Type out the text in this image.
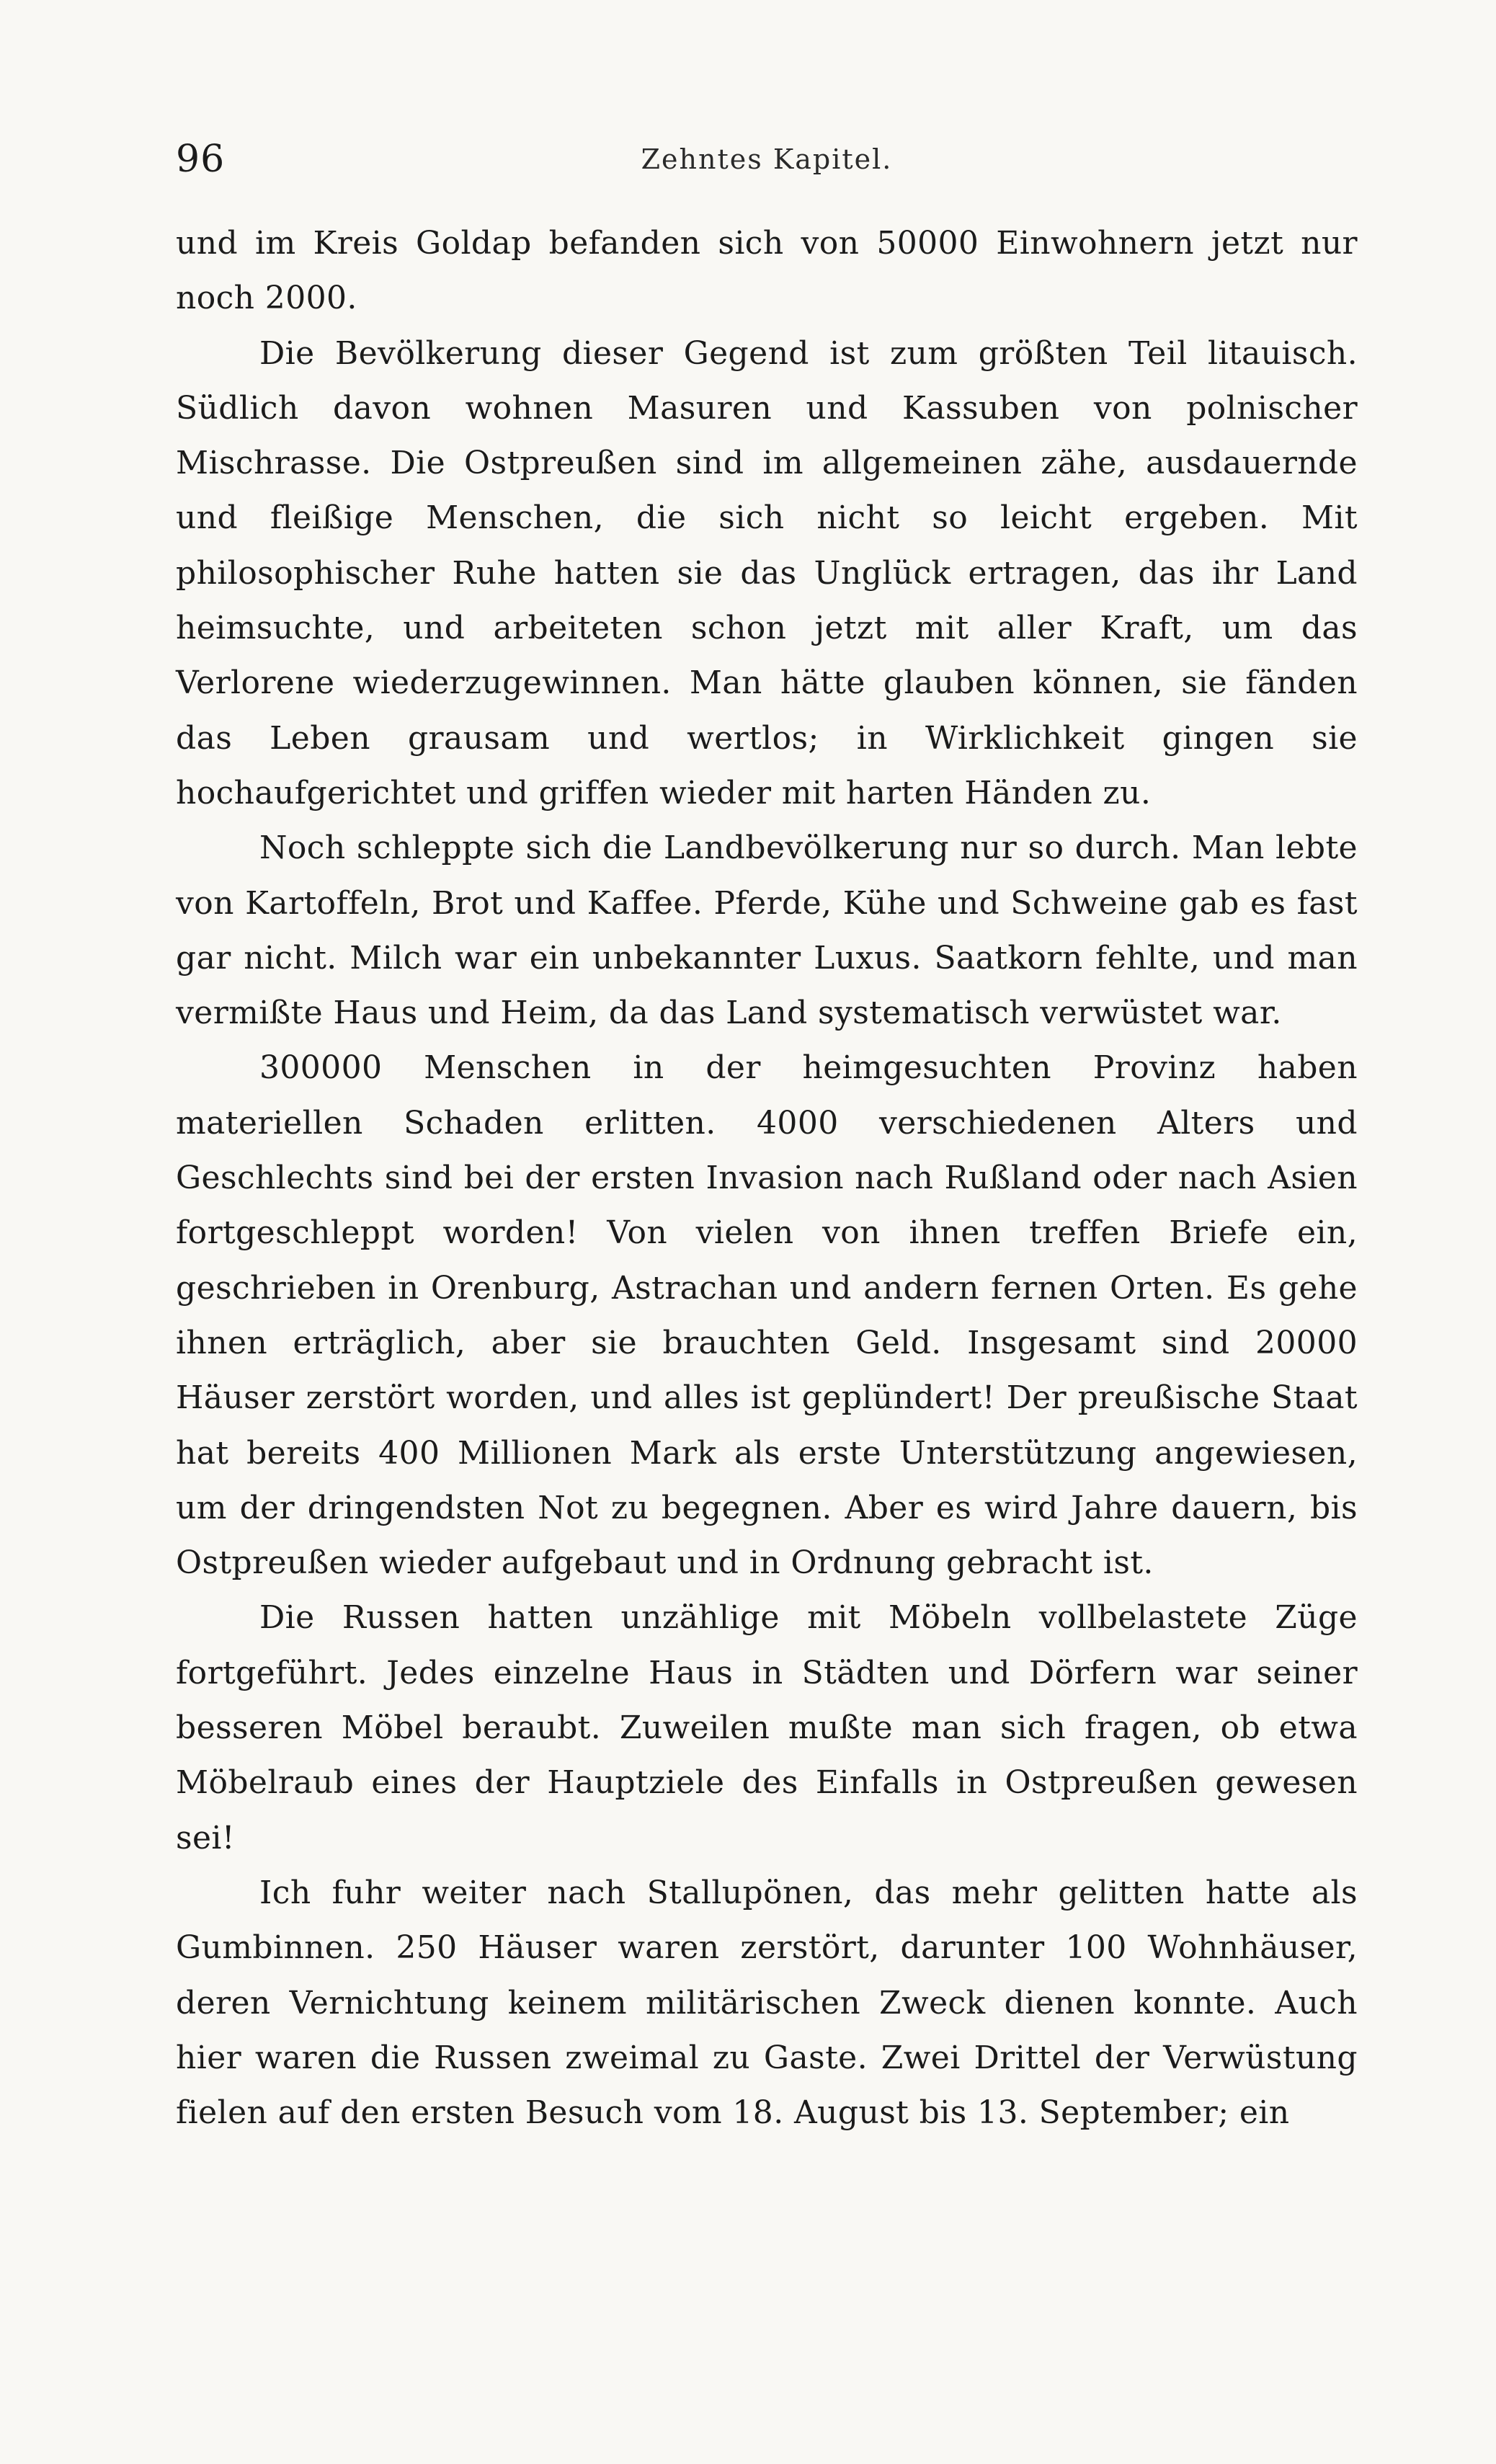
96	Zehntes Kapitel.

und im Kreis Goldap befanden sich von 50000 Einwohnern jetzt nur noch 2000.

Die Bevölkerung dieser Gegend ist zum größten Teil litauisch. Südlich davon wohnen Masuren und Kassuben von polnischer Mischrasse. Die Ostpreußen sind im allgemeinen zähe, ausdauernde und fleißige Menschen, die sich nicht so leicht ergeben. Mit philosophischer Ruhe hatten sie das Unglück ertragen, das ihr Land heimsuchte, und arbeiteten schon jetzt mit aller Kraft, um das Verlorene wiederzugewinnen. Man hätte glauben können, sie fänden das Leben grausam und wertlos; in Wirklichkeit gingen sie hochaufgerichtet und griffen wieder mit harten Händen zu.

Noch schleppte sich die Landbevölkerung nur so durch. Man lebte von Kartoffeln, Brot und Kaffee. Pferde, Kühe und Schweine gab es fast gar nicht. Milch war ein unbekannter Luxus. Saatkorn fehlte, und man vermißte Haus und Heim, da das Land systematisch verwüstet war.

300000 Menschen in der heimgesuchten Provinz haben materiellen Schaden erlitten. 4000 verschiedenen Alters und Geschlechts sind bei der ersten Invasion nach Rußland oder nach Asien fortgeschleppt worden! Von vielen von ihnen treffen Briefe ein, geschrieben in Orenburg, Astrachan und andern fernen Orten. Es gehe ihnen erträglich, aber sie brauchten Geld. Insgesamt sind 20000 Häuser zerstört worden, und alles ist geplündert! Der preußische Staat hat bereits 400 Millionen Mark als erste Unterstützung angewiesen, um der dringendsten Not zu begegnen. Aber es wird Jahre dauern, bis Ostpreußen wieder aufgebaut und in Ordnung gebracht ist.

Die Russen hatten unzählige mit Möbeln vollbelastete Züge fortgeführt. Jedes einzelne Haus in Städten und Dörfern war seiner besseren Möbel beraubt. Zuweilen mußte man sich fragen, ob etwa Möbelraub eines der Hauptziele des Einfalls in Ostpreußen gewesen sei!

Ich fuhr weiter nach Stallupönen, das mehr gelitten hatte als Gumbinnen. 250 Häuser waren zerstört, darunter 100 Wohnhäuser, deren Vernichtung keinem militärischen Zweck dienen konnte. Auch hier waren die Russen zweimal zu Gaste. Zwei Drittel der Verwüstung fielen auf den ersten Besuch vom 18. August bis 13. September; ein
